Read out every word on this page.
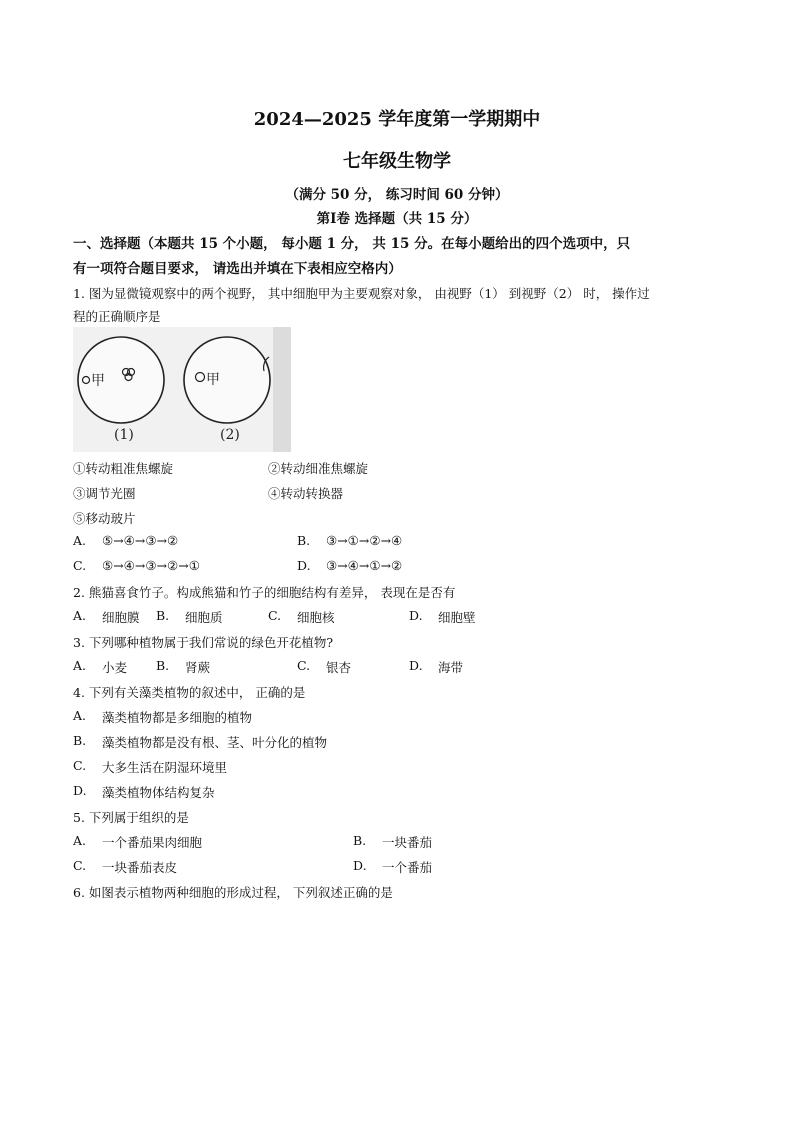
2024—2025 学年度第一学期期中
七年级生物学
（满分 50 分， 练习时间 60 分钟）
第Ⅰ卷 选择题（共 15 分）
一、选择题（本题共 15 个小题， 每小题 1 分， 共 15 分。在每小题给出的四个选项中，只
有一项符合题目要求， 请选出并填在下表相应空格内）
1. 图为显微镜观察中的两个视野， 其中细胞甲为主要观察对象， 由视野（1） 到视野（2） 时， 操作过
程的正确顺序是
甲
(1)
甲
(2)
①转动粗准焦螺旋	②转动细准焦螺旋
③调节光圈	④转动转换器
⑤移动玻片
A. ⑤→④→③→②	B. ③→①→②→④
C. ⑤→④→③→②→①	D. ③→④→①→②
2. 熊猫喜食竹子。构成熊猫和竹子的细胞结构有差异， 表现在是否有
A. 细胞膜 B. 细胞质	C. 细胞核	D. 细胞壁
3. 下列哪种植物属于我们常说的绿色开花植物?
A. 小麦 B. 肾蕨	C. 银杏	D. 海带
4. 下列有关藻类植物的叙述中， 正确的是
A. 藻类植物都是多细胞的植物
B. 藻类植物都是没有根、茎、叶分化的植物
C. 大多生活在阴湿环境里
D. 藻类植物体结构复杂
5. 下列属于组织的是
A. 一个番茄果肉细胞	B. 一块番茄
C. 一块番茄表皮	D. 一个番茄
6. 如图表示植物两种细胞的形成过程， 下列叙述正确的是
